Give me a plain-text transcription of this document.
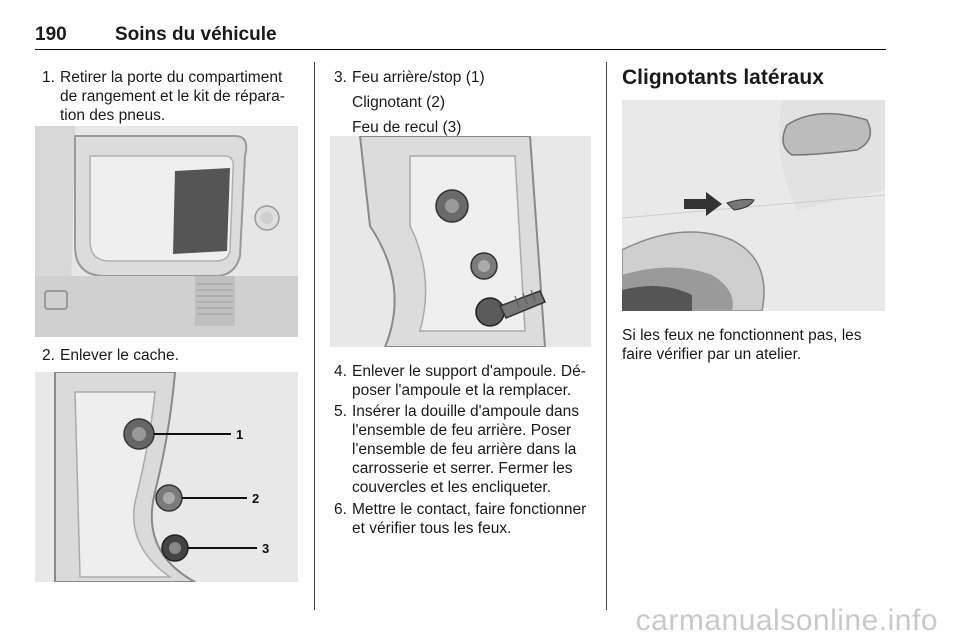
190	Soins du véhicule
1. Retirer la porte du compartiment
de rangement et le kit de répara-
tion des pneus.
2. Enlever le cache.
1
2
3
3. Feu arrière/stop (1)
Clignotant (2)
Feu de recul (3)
4. Enlever le support d'ampoule. Dé-
poser l'ampoule et la remplacer.
5. Insérer la douille d'ampoule dans
l'ensemble de feu arrière. Poser
l'ensemble de feu arrière dans la
carrosserie et serrer. Fermer les
couvercles et les encliqueter.
6. Mettre le contact, faire fonctionner
et vérifier tous les feux.
Clignotants latéraux
Si les feux ne fonctionnent pas, les
faire vérifier par un atelier.
carmanualsonline.info
